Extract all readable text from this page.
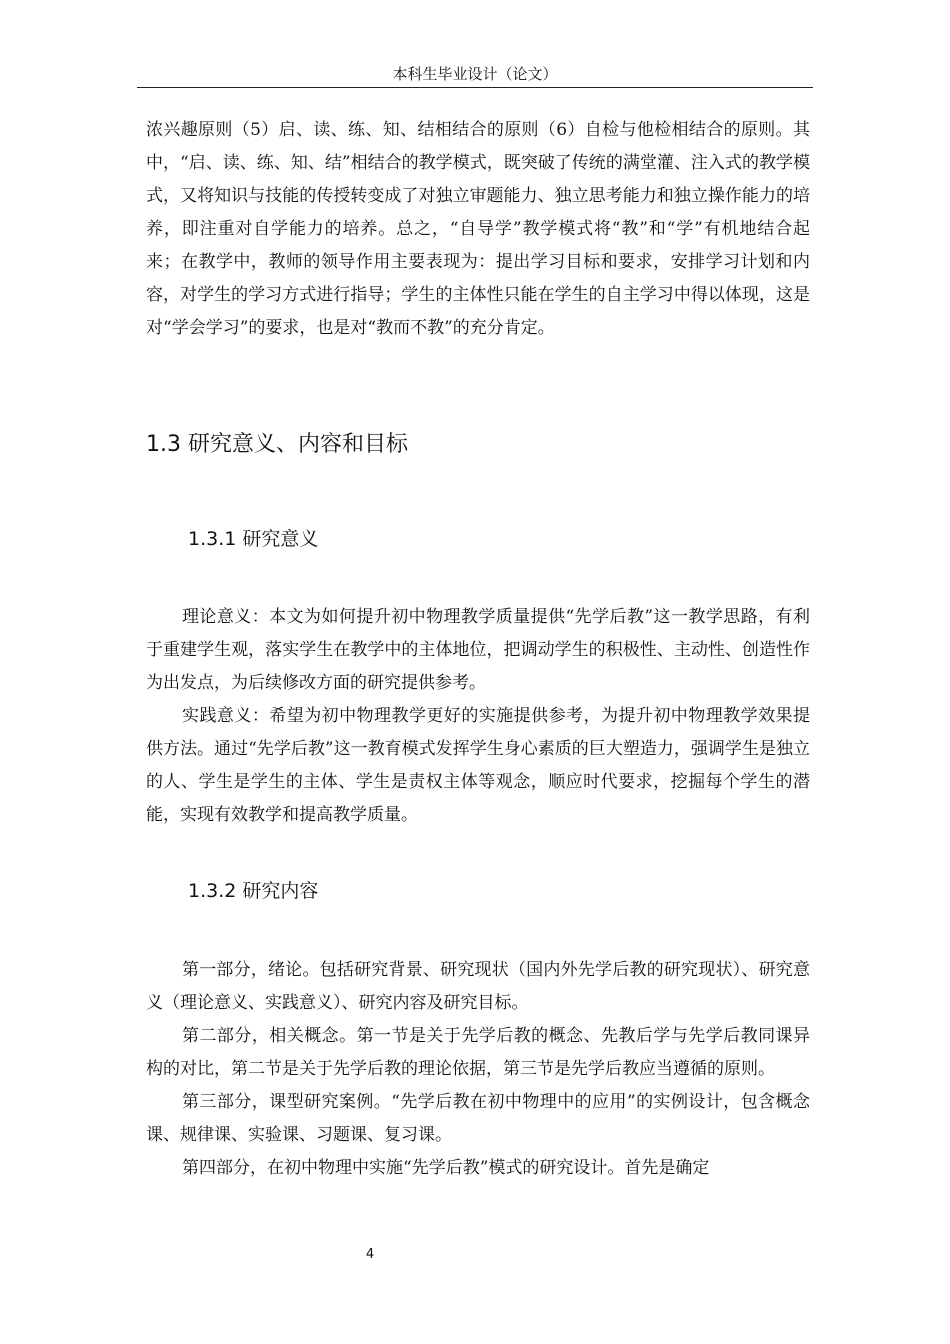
本科生毕业设计（论文）

浓兴趣原则（5）启、读、练、知、结相结合的原则（6）自检与他检相结合的原则。其中，“启、读、练、知、结”相结合的教学模式，既突破了传统的满堂灌、注入式的教学模式，又将知识与技能的传授转变成了对独立审题能力、独立思考能力和独立操作能力的培养，即注重对自学能力的培养。总之，“自导学”教学模式将“教”和“学”有机地结合起来；在教学中，教师的领导作用主要表现为：提出学习目标和要求，安排学习计划和内容，对学生的学习方式进行指导；学生的主体性只能在学生的自主学习中得以体现，这是对“学会学习”的要求，也是对“教而不教”的充分肯定。

1.3 研究意义、内容和目标
1.3.1 研究意义

理论意义：本文为如何提升初中物理教学质量提供“先学后教”这一教学思路，有利于重建学生观，落实学生在教学中的主体地位，把调动学生的积极性、主动性、创造性作为出发点，为后续修改方面的研究提供参考。

实践意义：希望为初中物理教学更好的实施提供参考，为提升初中物理教学效果提供方法。通过“先学后教”这一教育模式发挥学生身心素质的巨大塑造力，强调学生是独立的人、学生是学生的主体、学生是责权主体等观念，顺应时代要求，挖掘每个学生的潜能，实现有效教学和提高教学质量。

1.3.2 研究内容

第一部分，绪论。包括研究背景、研究现状（国内外先学后教的研究现状）、研究意义（理论意义、实践意义）、研究内容及研究目标。

第二部分，相关概念。第一节是关于先学后教的概念、先教后学与先学后教同课异构的对比，第二节是关于先学后教的理论依据，第三节是先学后教应当遵循的原则。

第三部分，课型研究案例。“先学后教在初中物理中的应用”的实例设计，包含概念课、规律课、实验课、习题课、复习课。

第四部分，在初中物理中实施“先学后教”模式的研究设计。首先是确定

4
